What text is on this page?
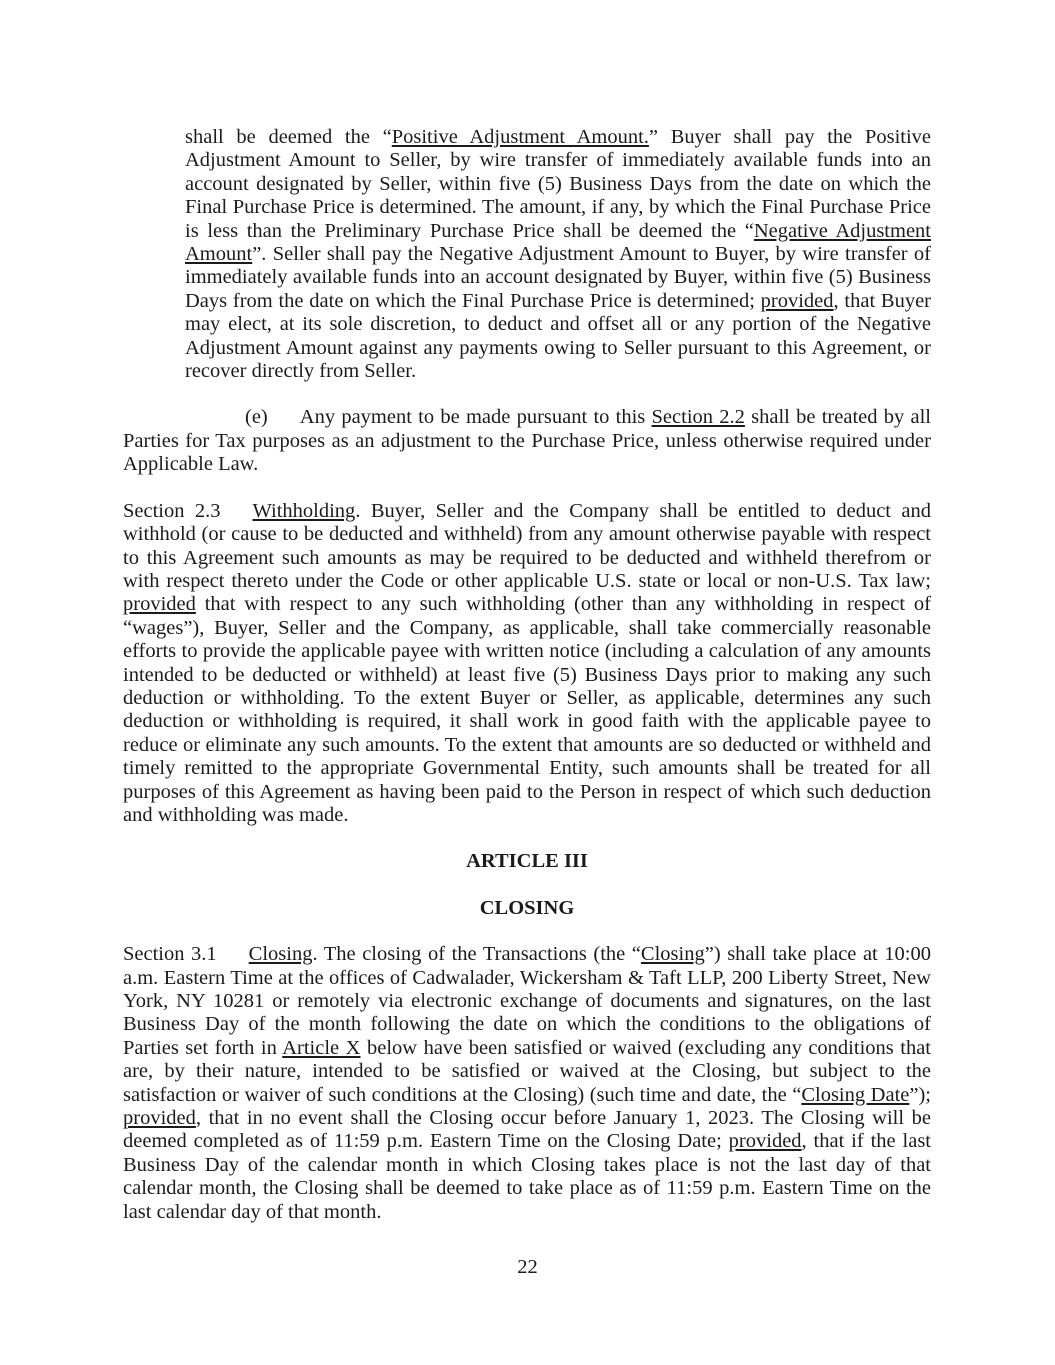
shall be deemed the “Positive Adjustment Amount.” Buyer shall pay the Positive Adjustment Amount to Seller, by wire transfer of immediately available funds into an account designated by Seller, within five (5) Business Days from the date on which the Final Purchase Price is determined. The amount, if any, by which the Final Purchase Price is less than the Preliminary Purchase Price shall be deemed the “Negative Adjustment Amount”. Seller shall pay the Negative Adjustment Amount to Buyer, by wire transfer of immediately available funds into an account designated by Buyer, within five (5) Business Days from the date on which the Final Purchase Price is determined; provided, that Buyer may elect, at its sole discretion, to deduct and offset all or any portion of the Negative Adjustment Amount against any payments owing to Seller pursuant to this Agreement, or recover directly from Seller.

(e) Any payment to be made pursuant to this Section 2.2 shall be treated by all Parties for Tax purposes as an adjustment to the Purchase Price, unless otherwise required under Applicable Law.

Section 2.3 Withholding. Buyer, Seller and the Company shall be entitled to deduct and withhold (or cause to be deducted and withheld) from any amount otherwise payable with respect to this Agreement such amounts as may be required to be deducted and withheld therefrom or with respect thereto under the Code or other applicable U.S. state or local or non-U.S. Tax law; provided that with respect to any such withholding (other than any withholding in respect of “wages”), Buyer, Seller and the Company, as applicable, shall take commercially reasonable efforts to provide the applicable payee with written notice (including a calculation of any amounts intended to be deducted or withheld) at least five (5) Business Days prior to making any such deduction or withholding. To the extent Buyer or Seller, as applicable, determines any such deduction or withholding is required, it shall work in good faith with the applicable payee to reduce or eliminate any such amounts. To the extent that amounts are so deducted or withheld and timely remitted to the appropriate Governmental Entity, such amounts shall be treated for all purposes of this Agreement as having been paid to the Person in respect of which such deduction and withholding was made.

ARTICLE III
CLOSING

Section 3.1 Closing. The closing of the Transactions (the “Closing”) shall take place at 10:00 a.m. Eastern Time at the offices of Cadwalader, Wickersham & Taft LLP, 200 Liberty Street, New York, NY 10281 or remotely via electronic exchange of documents and signatures, on the last Business Day of the month following the date on which the conditions to the obligations of Parties set forth in Article X below have been satisfied or waived (excluding any conditions that are, by their nature, intended to be satisfied or waived at the Closing, but subject to the satisfaction or waiver of such conditions at the Closing) (such time and date, the “Closing Date”); provided, that in no event shall the Closing occur before January 1, 2023. The Closing will be deemed completed as of 11:59 p.m. Eastern Time on the Closing Date; provided, that if the last Business Day of the calendar month in which Closing takes place is not the last day of that calendar month, the Closing shall be deemed to take place as of 11:59 p.m. Eastern Time on the last calendar day of that month.

22
